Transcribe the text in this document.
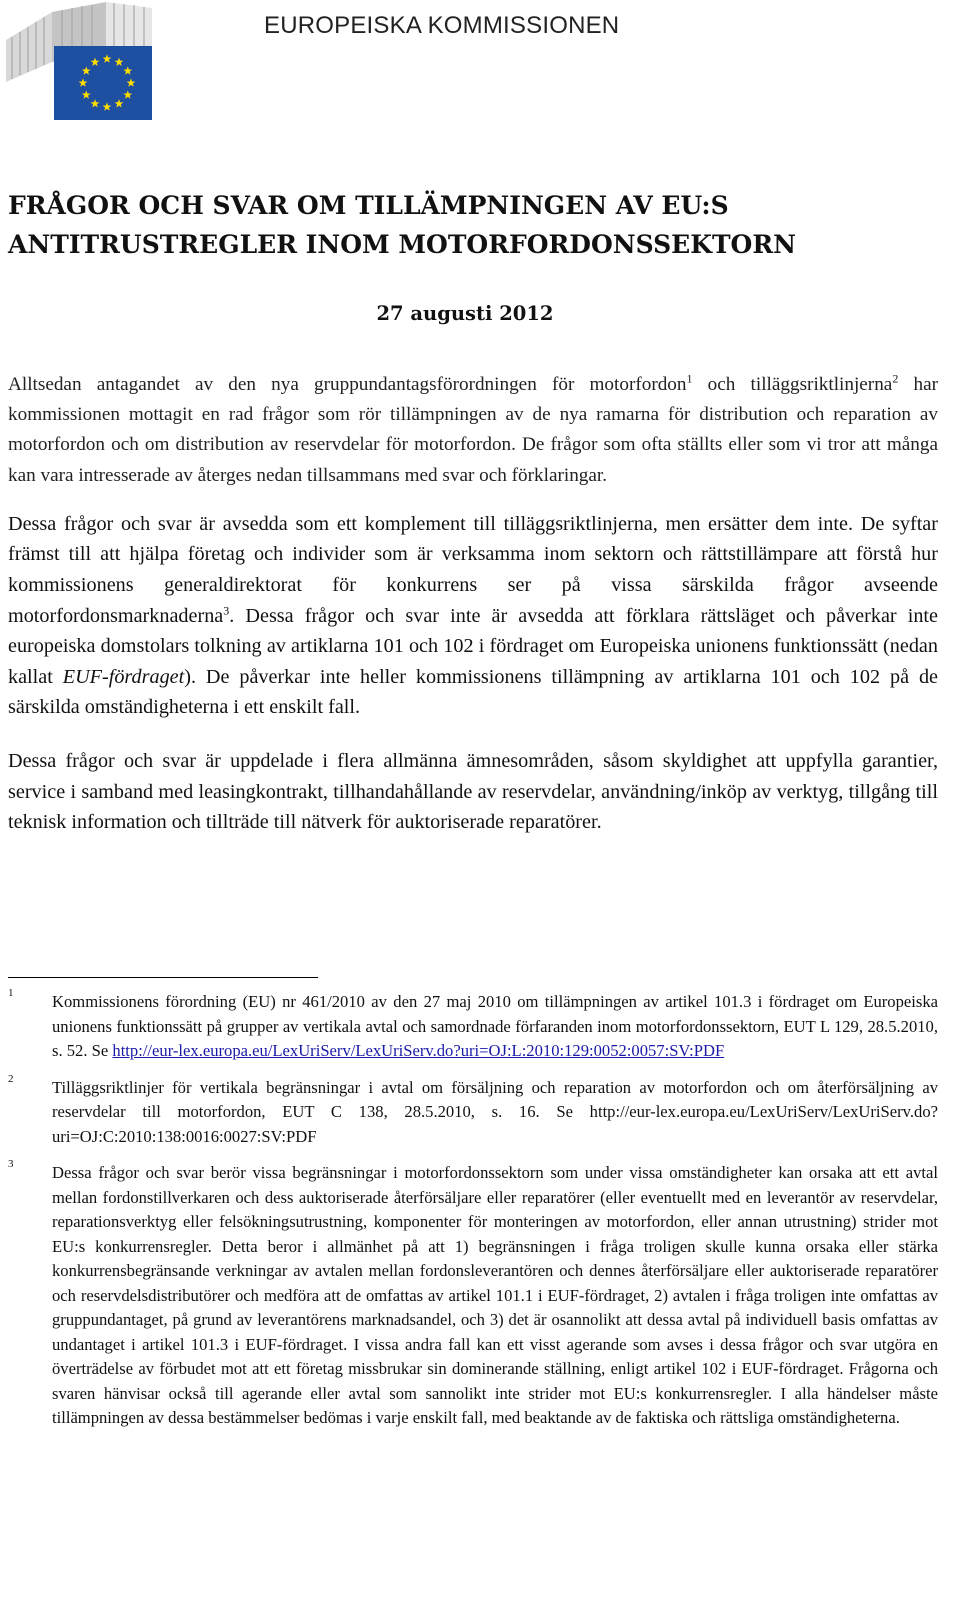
EUROPEISKA KOMMISSIONEN
FRÅGOR OCH SVAR OM TILLÄMPNINGEN AV EU:S
ANTITRUSTREGLER INOM MOTORFORDONSSEKTORN

27 augusti 2012

Alltsedan antagandet av den nya gruppundantagsförordningen för motorfordon$^1$ och tilläggsriktlinjerna$^2$ har kommissionen mottagit en rad frågor som rör tillämpningen av de nya ramarna för distribution och reparation av motorfordon och om distribution av reservdelar för motorfordon. De frågor som ofta ställts eller som vi tror att många kan vara intresserade av återges nedan tillsammans med svar och förklaringar.

Dessa frågor och svar är avsedda som ett komplement till tilläggsriktlinjerna, men ersätter dem inte. De syftar främst till att hjälpa företag och individer som är verksamma inom sektorn och rättstillämpare att förstå hur kommissionens generaldirektorat för konkurrens ser på vissa särskilda frågor avseende motorfordonsmarknaderna$^3$. Dessa frågor och svar inte är avsedda att förklara rättsläget och påverkar inte europeiska domstolars tolkning av artiklarna 101 och 102 i fördraget om Europeiska unionens funktionssätt (nedan kallat EUF-fördraget). De påverkar inte heller kommissionens tillämpning av artiklarna 101 och 102 på de särskilda omständigheterna i ett enskilt fall.

Dessa frågor och svar är uppdelade i flera allmänna ämnesområden, såsom skyldighet att uppfylla garantier, service i samband med leasingkontrakt, tillhandahållande av reservdelar, användning/inköp av verktyg, tillgång till teknisk information och tillträde till nätverk för auktoriserade reparatörer.

1 Kommissionens förordning (EU) nr 461/2010 av den 27 maj 2010 om tillämpningen av artikel 101.3 i fördraget om Europeiska unionens funktionssätt på grupper av vertikala avtal och samordnade förfaranden inom motorfordonssektorn, EUT L 129, 28.5.2010, s. 52. Se http://eur-lex.europa.eu/LexUriServ/LexUriServ.do?uri=OJ:L:2010:129:0052:0057:SV:PDF
2 Tilläggsriktlinjer för vertikala begränsningar i avtal om försäljning och reparation av motorfordon och om återförsäljning av reservdelar till motorfordon, EUT C 138, 28.5.2010, s. 16. Se http://eur-lex.europa.eu/LexUriServ/LexUriServ.do?uri=OJ:C:2010:138:0016:0027:SV:PDF
3 Dessa frågor och svar berör vissa begränsningar i motorfordonssektorn som under vissa omständigheter kan orsaka att ett avtal mellan fordonstillverkaren och dess auktoriserade återförsäljare eller reparatörer (eller eventuellt med en leverantör av reservdelar, reparationsverktyg eller felsökningsutrustning, komponenter för monteringen av motorfordon, eller annan utrustning) strider mot EU:s konkurrensregler. Detta beror i allmänhet på att 1) begränsningen i fråga troligen skulle kunna orsaka eller stärka konkurrensbegränsande verkningar av avtalen mellan fordonsleverantören och dennes återförsäljare eller auktoriserade reparatörer och reservdelsdistributörer och medföra att de omfattas av artikel 101.1 i EUF-fördraget, 2) avtalen i fråga troligen inte omfattas av gruppundantaget, på grund av leverantörens marknadsandel, och 3) det är osannolikt att dessa avtal på individuell basis omfattas av undantaget i artikel 101.3 i EUF-fördraget. I vissa andra fall kan ett visst agerande som avses i dessa frågor och svar utgöra en överträdelse av förbudet mot att ett företag missbrukar sin dominerande ställning, enligt artikel 102 i EUF-fördraget. Frågorna och svaren hänvisar också till agerande eller avtal som sannolikt inte strider mot EU:s konkurrensregler. I alla händelser måste tillämpningen av dessa bestämmelser bedömas i varje enskilt fall, med beaktande av de faktiska och rättsliga omständigheterna.
